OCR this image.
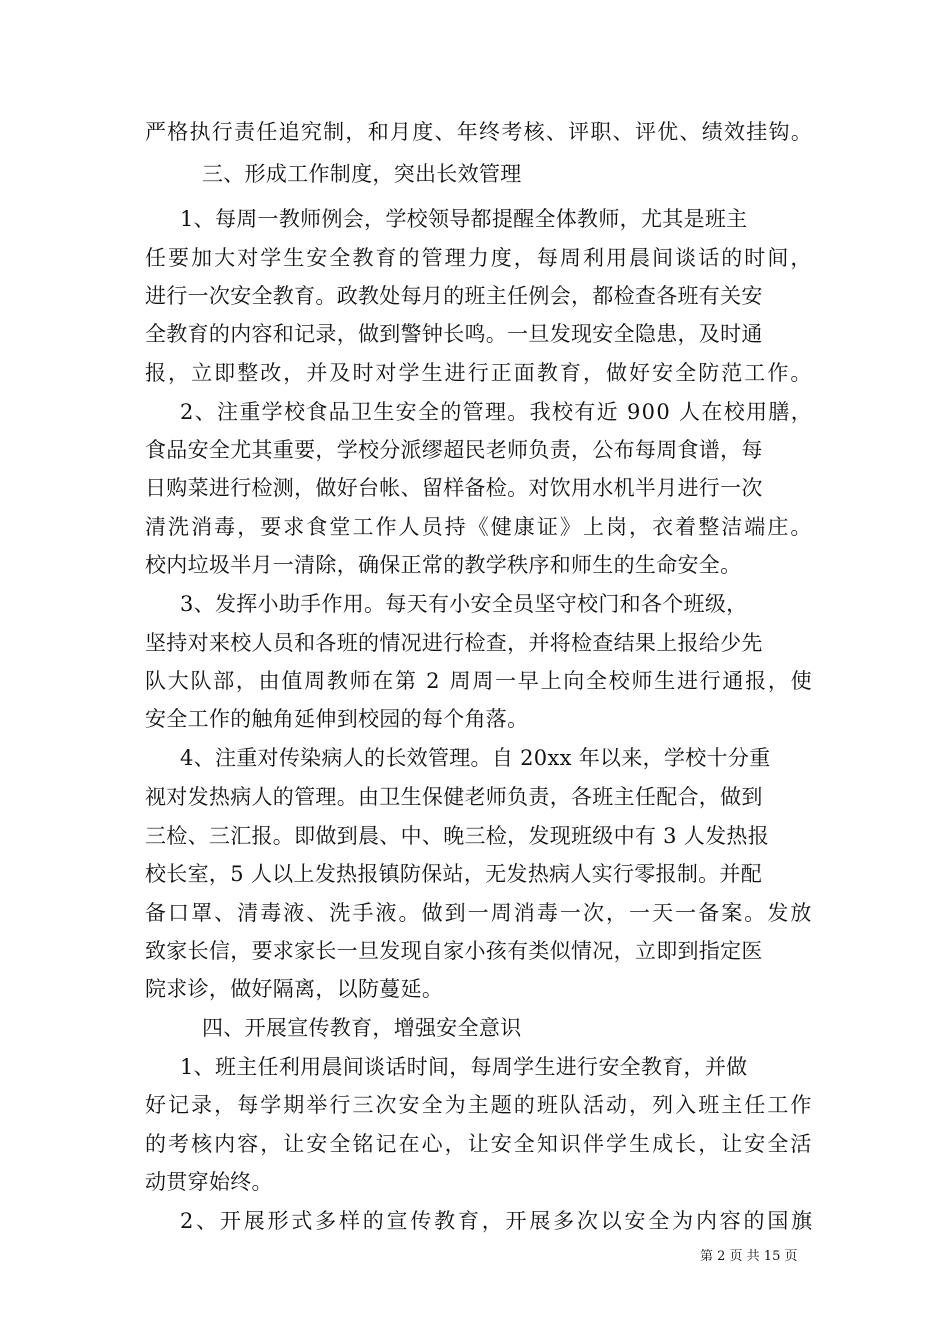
严格执行责任追究制，和月度、年终考核、评职、评优、绩效挂钩。
三、形成工作制度，突出长效管理
1、每周一教师例会，学校领导都提醒全体教师，尤其是班主
任要加大对学生安全教育的管理力度，每周利用晨间谈话的时间，
进行一次安全教育。政教处每月的班主任例会，都检查各班有关安
全教育的内容和记录，做到警钟长鸣。一旦发现安全隐患，及时通
报，立即整改，并及时对学生进行正面教育，做好安全防范工作。
2、注重学校食品卫生安全的管理。我校有近 900 人在校用膳，
食品安全尤其重要，学校分派缪超民老师负责，公布每周食谱，每
日购菜进行检测，做好台帐、留样备检。对饮用水机半月进行一次
清洗消毒，要求食堂工作人员持《健康证》上岗，衣着整洁端庄。
校内垃圾半月一清除，确保正常的教学秩序和师生的生命安全。
3、发挥小助手作用。每天有小安全员坚守校门和各个班级，
坚持对来校人员和各班的情况进行检查，并将检查结果上报给少先
队大队部，由值周教师在第 2 周周一早上向全校师生进行通报，使
安全工作的触角延伸到校园的每个角落。
4、注重对传染病人的长效管理。自 20xx 年以来，学校十分重
视对发热病人的管理。由卫生保健老师负责，各班主任配合，做到
三检、三汇报。即做到晨、中、晚三检，发现班级中有 3 人发热报
校长室，5 人以上发热报镇防保站，无发热病人实行零报制。并配
备口罩、清毒液、洗手液。做到一周消毒一次，一天一备案。发放
致家长信，要求家长一旦发现自家小孩有类似情况，立即到指定医
院求诊，做好隔离，以防蔓延。
四、开展宣传教育，增强安全意识
1、班主任利用晨间谈话时间，每周学生进行安全教育，并做
好记录，每学期举行三次安全为主题的班队活动，列入班主任工作
的考核内容，让安全铭记在心，让安全知识伴学生成长，让安全活
动贯穿始终。
2、开展形式多样的宣传教育，开展多次以安全为内容的国旗
第 2 页 共 15 页
